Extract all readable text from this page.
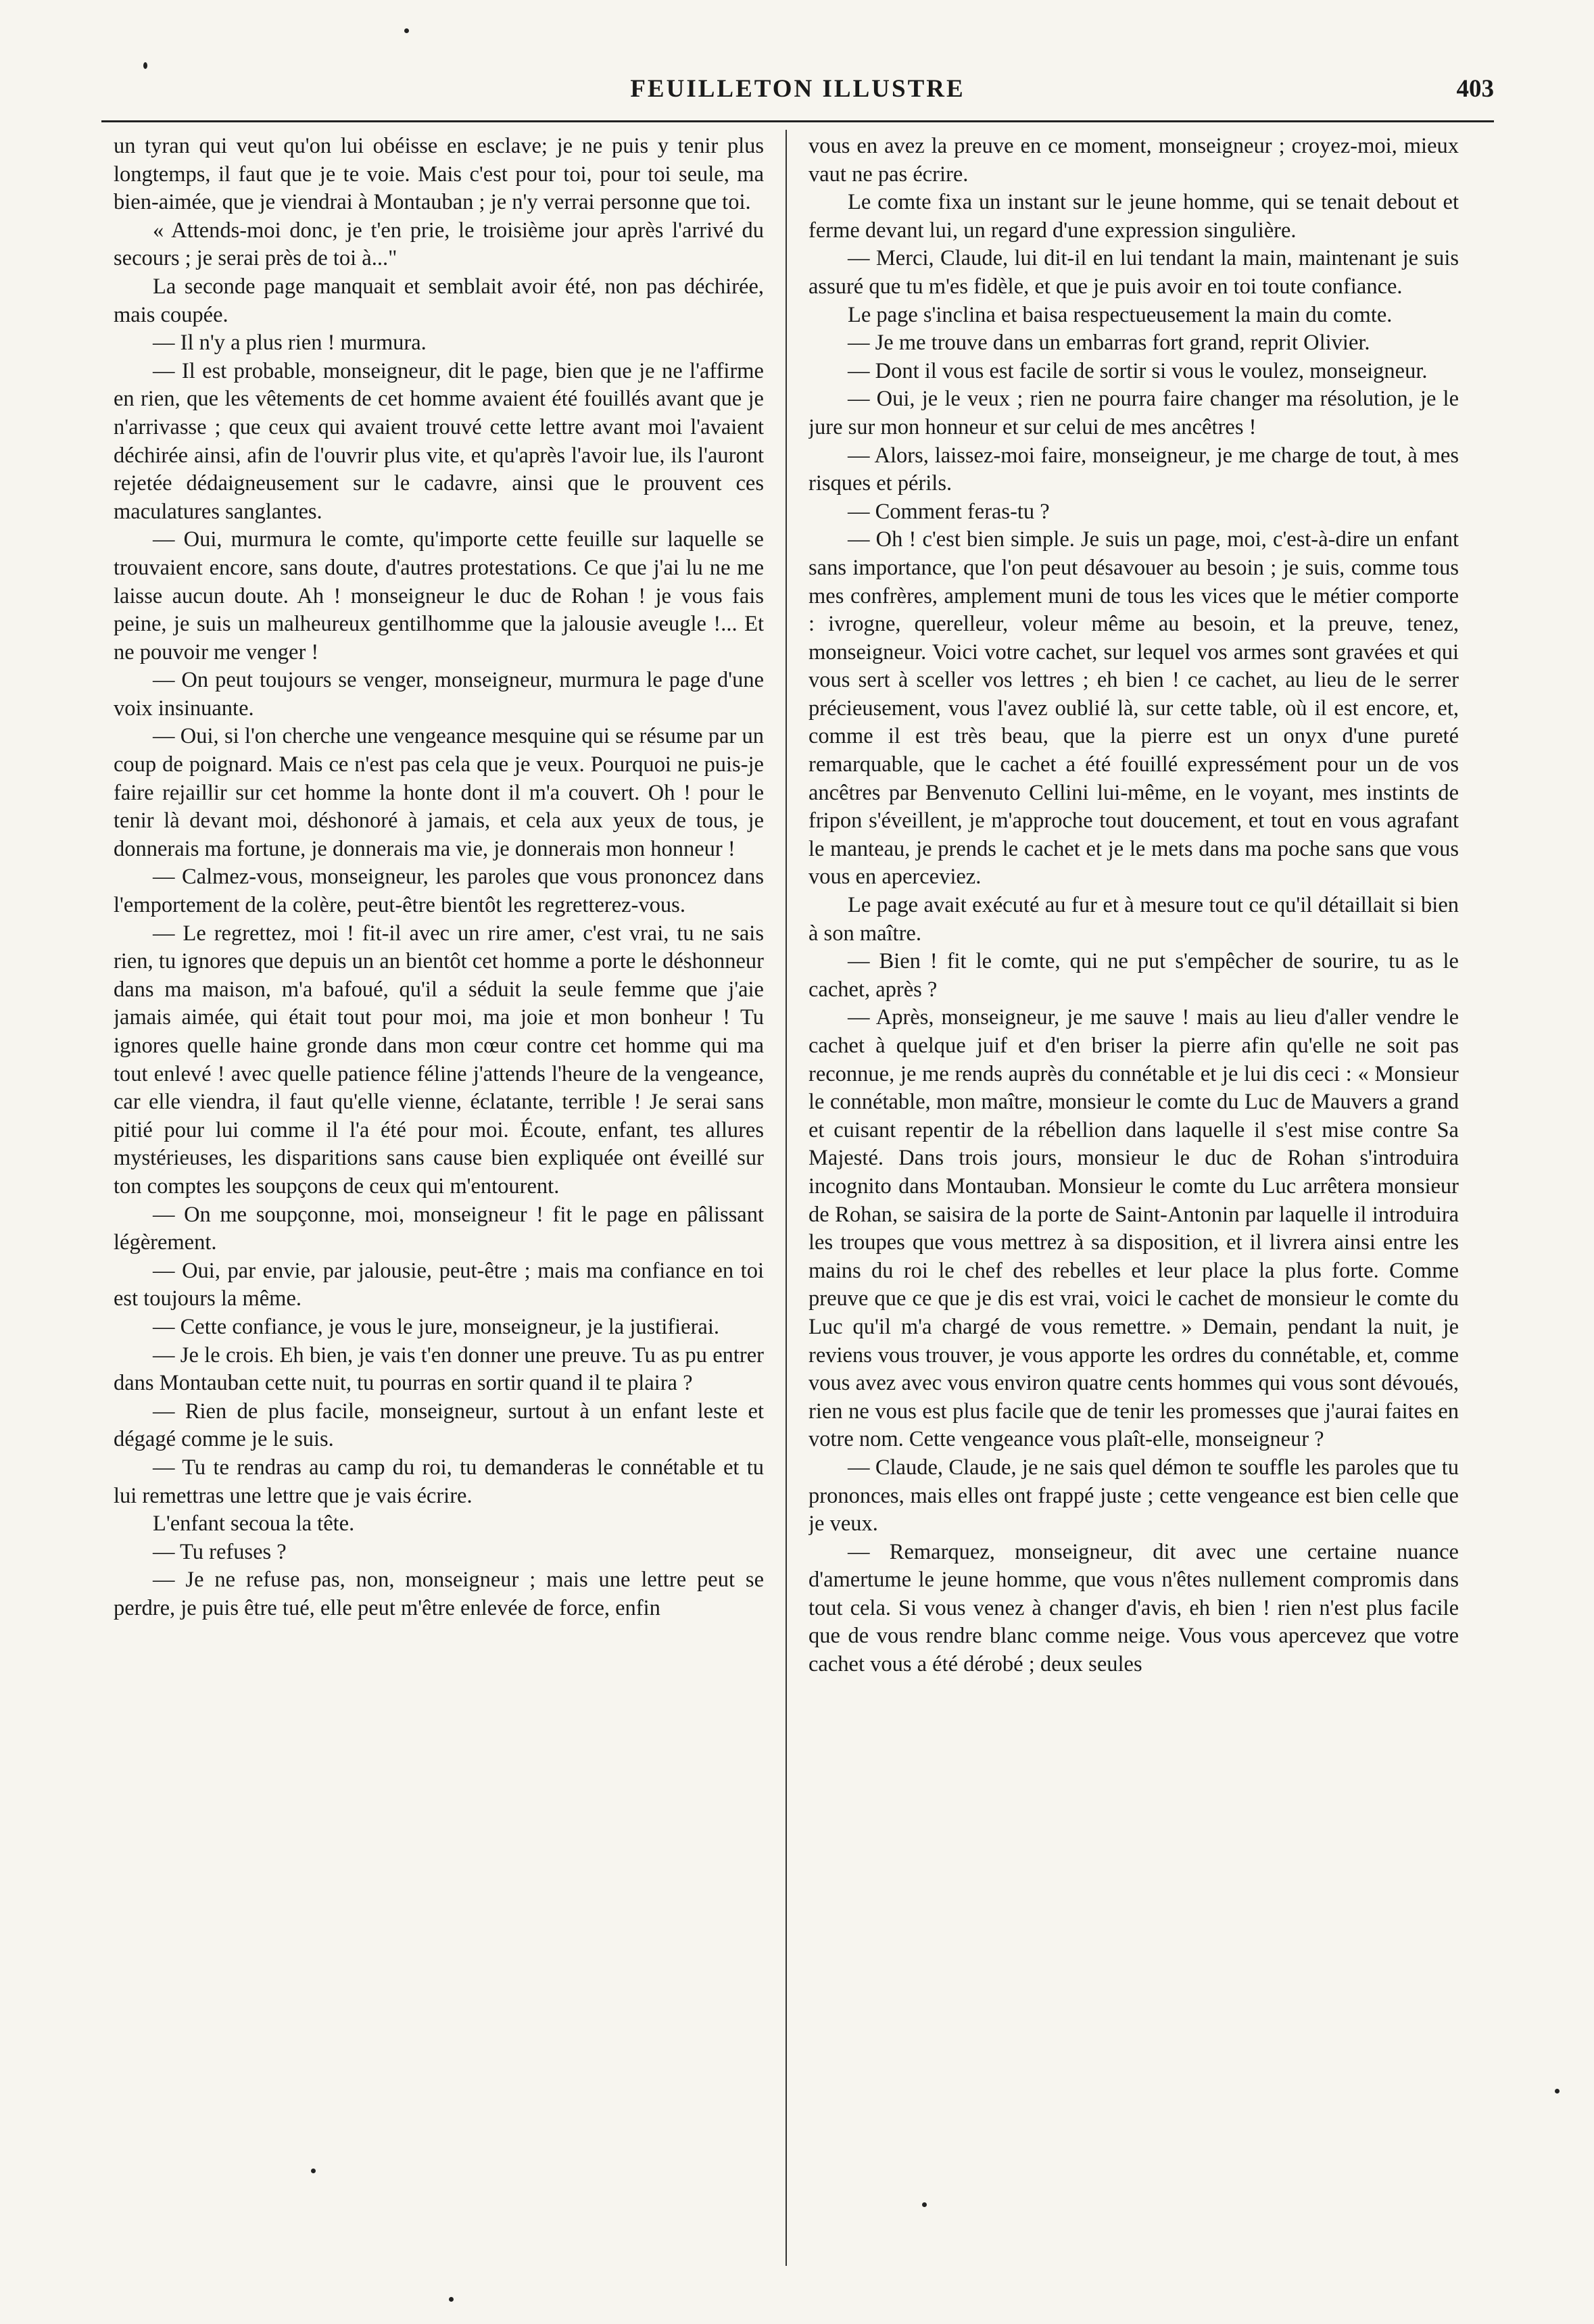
FEUILLETON ILLUSTRE	403

un tyran qui veut qu'on lui obéisse en esclave; je ne puis y tenir plus longtemps, il faut que je te voie. Mais c'est pour toi, pour toi seule, ma bien-aimée, que je viendrai à Montauban ; je n'y verrai personne que toi.

« Attends-moi donc, je t'en prie, le troisième jour après l'arrivé du secours ; je serai près de toi à..."

La seconde page manquait et semblait avoir été, non pas déchirée, mais coupée.

— Il n'y a plus rien ! murmura.

— Il est probable, monseigneur, dit le page, bien que je ne l'affirme en rien, que les vêtements de cet homme avaient été fouillés avant que je n'arrivasse ; que ceux qui avaient trouvé cette lettre avant moi l'avaient déchirée ainsi, afin de l'ouvrir plus vite, et qu'après l'avoir lue, ils l'auront rejetée dédaigneusement sur le cadavre, ainsi que le prouvent ces maculatures sanglantes.

— Oui, murmura le comte, qu'importe cette feuille sur laquelle se trouvaient encore, sans doute, d'autres protestations. Ce que j'ai lu ne me laisse aucun doute. Ah ! monseigneur le duc de Rohan ! je vous fais peine, je suis un malheureux gentilhomme que la jalousie aveugle !... Et ne pouvoir me venger !

— On peut toujours se venger, monseigneur, murmura le page d'une voix insinuante.

— Oui, si l'on cherche une vengeance mesquine qui se résume par un coup de poignard. Mais ce n'est pas cela que je veux. Pourquoi ne puis-je faire rejaillir sur cet homme la honte dont il m'a couvert. Oh ! pour le tenir là devant moi, déshonoré à jamais, et cela aux yeux de tous, je donnerais ma fortune, je donnerais ma vie, je donnerais mon honneur !

— Calmez-vous, monseigneur, les paroles que vous prononcez dans l'emportement de la colère, peut-être bientôt les regretterez-vous.

— Le regrettez, moi ! fit-il avec un rire amer, c'est vrai, tu ne sais rien, tu ignores que depuis un an bientôt cet homme a porte le déshonneur dans ma maison, m'a bafoué, qu'il a séduit la seule femme que j'aie jamais aimée, qui était tout pour moi, ma joie et mon bonheur ! Tu ignores quelle haine gronde dans mon cœur contre cet homme qui ma tout enlevé ! avec quelle patience féline j'attends l'heure de la vengeance, car elle viendra, il faut qu'elle vienne, éclatante, terrible ! Je serai sans pitié pour lui comme il l'a été pour moi. Écoute, enfant, tes allures mystérieuses, les disparitions sans cause bien expliquée ont éveillé sur ton comptes les soupçons de ceux qui m'entourent.

— On me soupçonne, moi, monseigneur ! fit le page en pâlissant légèrement.

— Oui, par envie, par jalousie, peut-être ; mais ma confiance en toi est toujours la même.

— Cette confiance, je vous le jure, monseigneur, je la justifierai.

— Je le crois. Eh bien, je vais t'en donner une preuve. Tu as pu entrer dans Montauban cette nuit, tu pourras en sortir quand il te plaira ?

— Rien de plus facile, monseigneur, surtout à un enfant leste et dégagé comme je le suis.

— Tu te rendras au camp du roi, tu demanderas le connétable et tu lui remettras une lettre que je vais écrire.

L'enfant secoua la tête.

— Tu refuses ?

— Je ne refuse pas, non, monseigneur ; mais une lettre peut se perdre, je puis être tué, elle peut m'être enlevée de force, enfin

vous en avez la preuve en ce moment, monseigneur ; croyez-moi, mieux vaut ne pas écrire.

Le comte fixa un instant sur le jeune homme, qui se tenait debout et ferme devant lui, un regard d'une expression singulière.

— Merci, Claude, lui dit-il en lui tendant la main, maintenant je suis assuré que tu m'es fidèle, et que je puis avoir en toi toute confiance.

Le page s'inclina et baisa respectueusement la main du comte.

— Je me trouve dans un embarras fort grand, reprit Olivier.

— Dont il vous est facile de sortir si vous le voulez, monseigneur.

— Oui, je le veux ; rien ne pourra faire changer ma résolution, je le jure sur mon honneur et sur celui de mes ancêtres !

— Alors, laissez-moi faire, monseigneur, je me charge de tout, à mes risques et périls.

— Comment feras-tu ?

— Oh ! c'est bien simple. Je suis un page, moi, c'est-à-dire un enfant sans importance, que l'on peut désavouer au besoin ; je suis, comme tous mes confrères, amplement muni de tous les vices que le métier comporte : ivrogne, querelleur, voleur même au besoin, et la preuve, tenez, monseigneur. Voici votre cachet, sur lequel vos armes sont gravées et qui vous sert à sceller vos lettres ; eh bien ! ce cachet, au lieu de le serrer précieusement, vous l'avez oublié là, sur cette table, où il est encore, et, comme il est très beau, que la pierre est un onyx d'une pureté remarquable, que le cachet a été fouillé expressément pour un de vos ancêtres par Benvenuto Cellini lui-même, en le voyant, mes instints de fripon s'éveillent, je m'approche tout doucement, et tout en vous agrafant le manteau, je prends le cachet et je le mets dans ma poche sans que vous vous en aperceviez.

Le page avait exécuté au fur et à mesure tout ce qu'il détaillait si bien à son maître.

— Bien ! fit le comte, qui ne put s'empêcher de sourire, tu as le cachet, après ?

— Après, monseigneur, je me sauve ! mais au lieu d'aller vendre le cachet à quelque juif et d'en briser la pierre afin qu'elle ne soit pas reconnue, je me rends auprès du connétable et je lui dis ceci : « Monsieur le connétable, mon maître, monsieur le comte du Luc de Mauvers a grand et cuisant repentir de la rébellion dans laquelle il s'est mise contre Sa Majesté. Dans trois jours, monsieur le duc de Rohan s'introduira incognito dans Montauban. Monsieur le comte du Luc arrêtera monsieur de Rohan, se saisira de la porte de Saint-Antonin par laquelle il introduira les troupes que vous mettrez à sa disposition, et il livrera ainsi entre les mains du roi le chef des rebelles et leur place la plus forte. Comme preuve que ce que je dis est vrai, voici le cachet de monsieur le comte du Luc qu'il m'a chargé de vous remettre. » Demain, pendant la nuit, je reviens vous trouver, je vous apporte les ordres du connétable, et, comme vous avez avec vous environ quatre cents hommes qui vous sont dévoués, rien ne vous est plus facile que de tenir les promesses que j'aurai faites en votre nom. Cette vengeance vous plaît-elle, monseigneur ?

— Claude, Claude, je ne sais quel démon te souffle les paroles que tu prononces, mais elles ont frappé juste ; cette vengeance est bien celle que je veux.

— Remarquez, monseigneur, dit avec une certaine nuance d'amertume le jeune homme, que vous n'êtes nullement compromis dans tout cela. Si vous venez à changer d'avis, eh bien ! rien n'est plus facile que de vous rendre blanc comme neige. Vous vous apercevez que votre cachet vous a été dérobé ; deux seules
